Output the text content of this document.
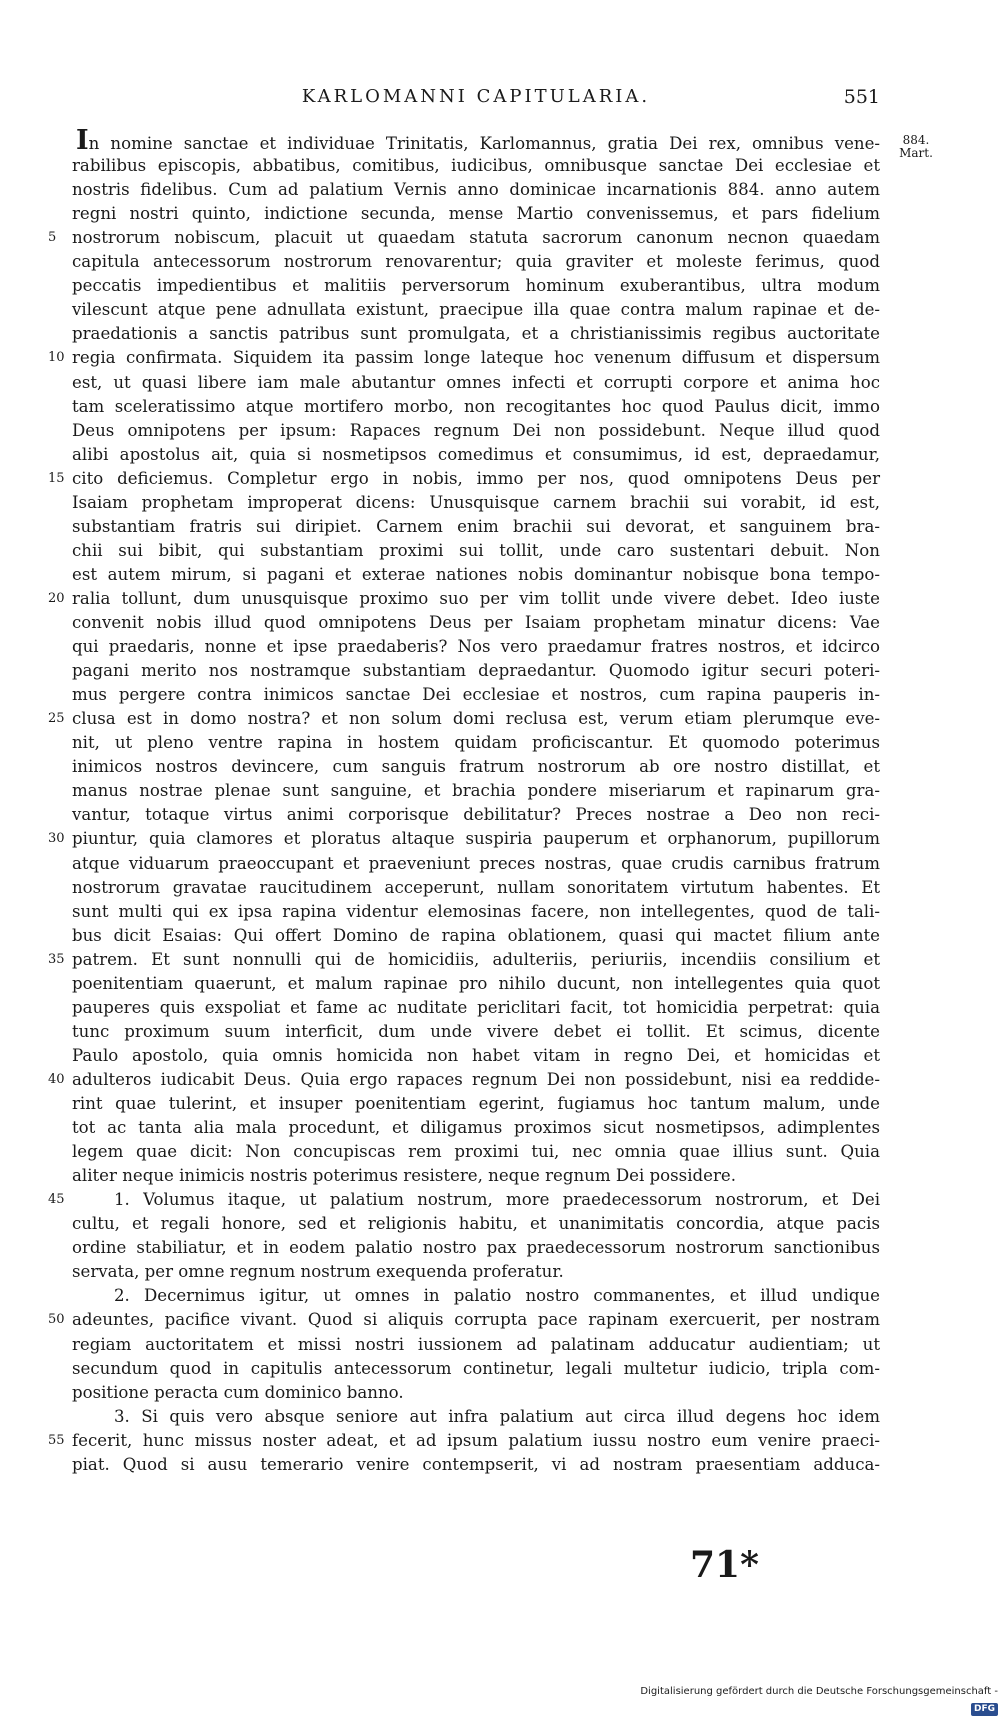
KARLOMANNI CAPITULARIA.	551
884.
Mart.
In nomine sanctae et individuae Trinitatis, Karlomannus, gratia Dei rex, omnibus vene-
rabilibus episcopis, abbatibus, comitibus, iudicibus, omnibusque sanctae Dei ecclesiae et
nostris fidelibus. Cum ad palatium Vernis anno dominicae incarnationis 884. anno autem
regni nostri quinto, indictione secunda, mense Martio convenissemus, et pars fidelium
nostrorum nobiscum, placuit ut quaedam statuta sacrorum canonum necnon quaedam
capitula antecessorum nostrorum renovarentur; quia graviter et moleste ferimus, quod
peccatis impedientibus et malitiis perversorum hominum exuberantibus, ultra modum
vilescunt atque pene adnullata existunt, praecipue illa quae contra malum rapinae et de-
praedationis a sanctis patribus sunt promulgata, et a christianissimis regibus auctoritate
regia confirmata. Siquidem ita passim longe lateque hoc venenum diffusum et dispersum
est, ut quasi libere iam male abutantur omnes infecti et corrupti corpore et anima hoc
tam sceleratissimo atque mortifero morbo, non recogitantes hoc quod Paulus dicit, immo
Deus omnipotens per ipsum: Rapaces regnum Dei non possidebunt. Neque illud quod
alibi apostolus ait, quia si nosmetipsos comedimus et consumimus, id est, depraedamur,
cito deficiemus. Completur ergo in nobis, immo per nos, quod omnipotens Deus per
Isaiam prophetam improperat dicens: Unusquisque carnem brachii sui vorabit, id est,
substantiam fratris sui diripiet. Carnem enim brachii sui devorat, et sanguinem bra-
chii sui bibit, qui substantiam proximi sui tollit, unde caro sustentari debuit. Non
est autem mirum, si pagani et exterae nationes nobis dominantur nobisque bona tempo-
ralia tollunt, dum unusquisque proximo suo per vim tollit unde vivere debet. Ideo iuste
convenit nobis illud quod omnipotens Deus per Isaiam prophetam minatur dicens: Vae
qui praedaris, nonne et ipse praedaberis? Nos vero praedamur fratres nostros, et idcirco
pagani merito nos nostramque substantiam depraedantur. Quomodo igitur securi poteri-
mus pergere contra inimicos sanctae Dei ecclesiae et nostros, cum rapina pauperis in-
clusa est in domo nostra? et non solum domi reclusa est, verum etiam plerumque eve-
nit, ut pleno ventre rapina in hostem quidam proficiscantur. Et quomodo poterimus
inimicos nostros devincere, cum sanguis fratrum nostrorum ab ore nostro distillat, et
manus nostrae plenae sunt sanguine, et brachia pondere miseriarum et rapinarum gra-
vantur, totaque virtus animi corporisque debilitatur? Preces nostrae a Deo non reci-
piuntur, quia clamores et ploratus altaque suspiria pauperum et orphanorum, pupillorum
atque viduarum praeoccupant et praeveniunt preces nostras, quae crudis carnibus fratrum
nostrorum gravatae raucitudinem acceperunt, nullam sonoritatem virtutum habentes. Et
sunt multi qui ex ipsa rapina videntur elemosinas facere, non intellegentes, quod de tali-
bus dicit Esaias: Qui offert Domino de rapina oblationem, quasi qui mactet filium ante
patrem. Et sunt nonnulli qui de homicidiis, adulteriis, periuriis, incendiis consilium et
poenitentiam quaerunt, et malum rapinae pro nihilo ducunt, non intellegentes quia quot
pauperes quis exspoliat et fame ac nuditate periclitari facit, tot homicidia perpetrat: quia
tunc proximum suum interficit, dum unde vivere debet ei tollit. Et scimus, dicente
Paulo apostolo, quia omnis homicida non habet vitam in regno Dei, et homicidas et
adulteros iudicabit Deus. Quia ergo rapaces regnum Dei non possidebunt, nisi ea reddide-
rint quae tulerint, et insuper poenitentiam egerint, fugiamus hoc tantum malum, unde
tot ac tanta alia mala procedunt, et diligamus proximos sicut nosmetipsos, adimplentes
legem quae dicit: Non concupiscas rem proximi tui, nec omnia quae illius sunt. Quia
aliter neque inimicis nostris poterimus resistere, neque regnum Dei possidere.
1. Volumus itaque, ut palatium nostrum, more praedecessorum nostrorum, et Dei
cultu, et regali honore, sed et religionis habitu, et unanimitatis concordia, atque pacis
ordine stabiliatur, et in eodem palatio nostro pax praedecessorum nostrorum sanctionibus
servata, per omne regnum nostrum exequenda proferatur.
2. Decernimus igitur, ut omnes in palatio nostro commanentes, et illud undique
adeuntes, pacifice vivant. Quod si aliquis corrupta pace rapinam exercuerit, per nostram
regiam auctoritatem et missi nostri iussionem ad palatinam adducatur audientiam; ut
secundum quod in capitulis antecessorum continetur, legali multetur iudicio, tripla com-
positione peracta cum dominico banno.
3. Si quis vero absque seniore aut infra palatium aut circa illud degens hoc idem
fecerit, hunc missus noster adeat, et ad ipsum palatium iussu nostro eum venire praeci-
piat. Quod si ausu temerario venire contempserit, vi ad nostram praesentiam adduca-
71*
Digitalisierung gefördert durch die Deutsche Forschungsgemeinschaft - DFG
5
10
15
20
25
30
35
40
45
50
55
